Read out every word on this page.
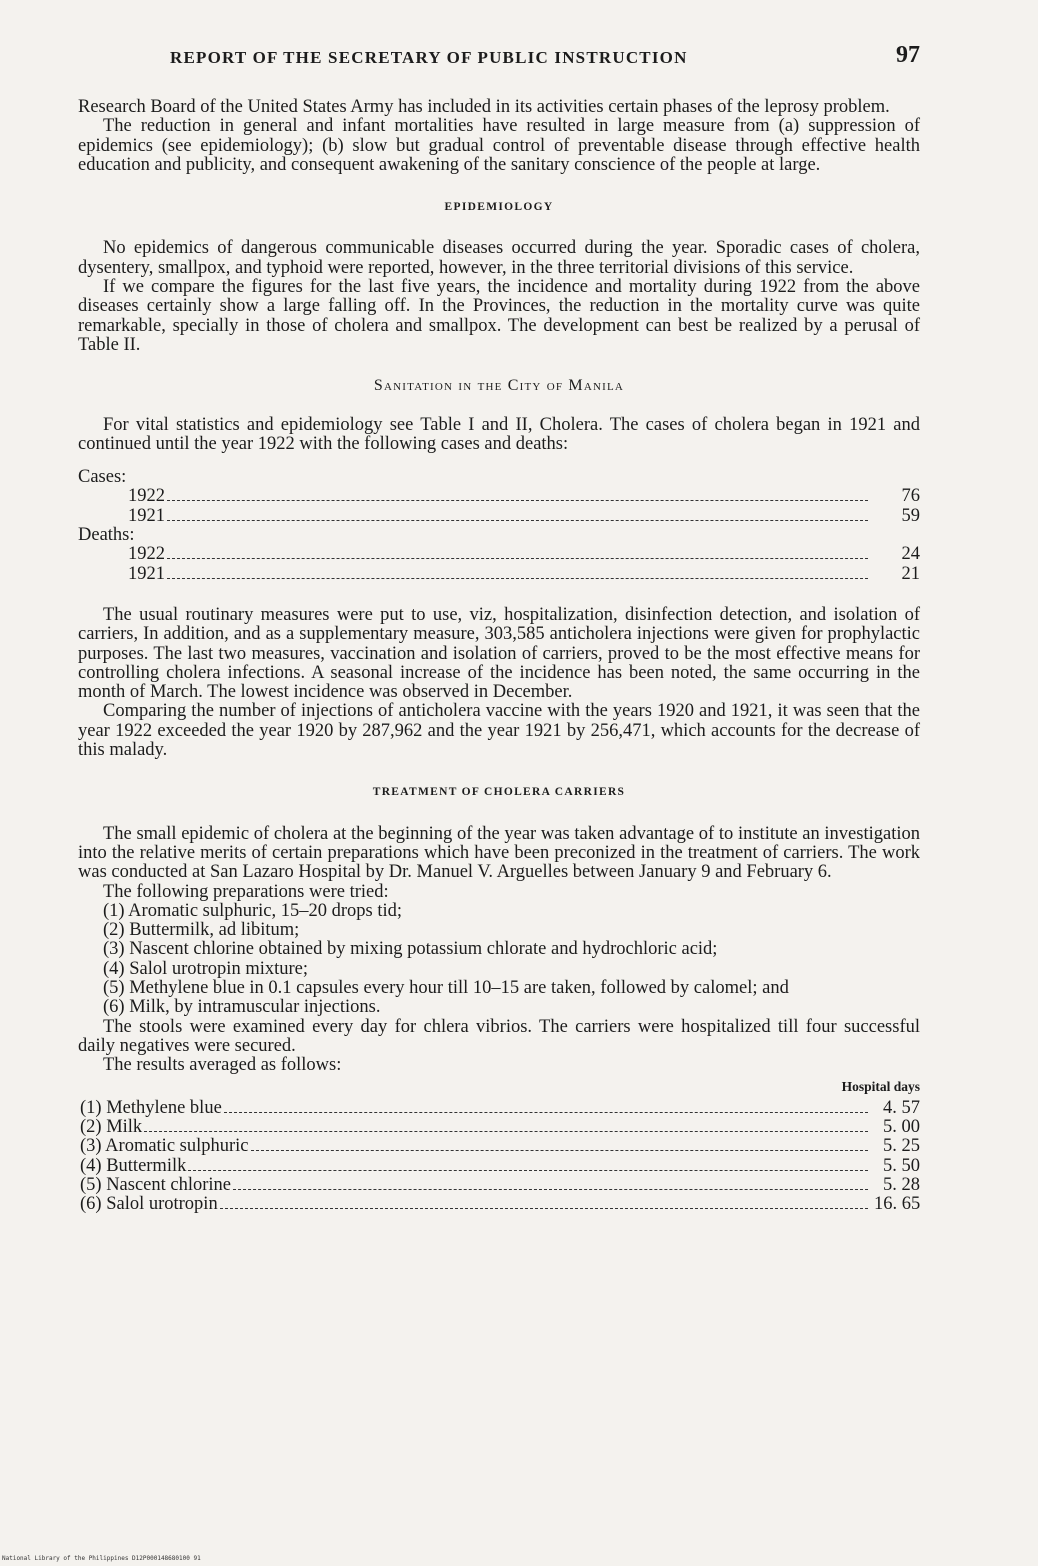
REPORT OF THE SECRETARY OF PUBLIC INSTRUCTION	97

Research Board of the United States Army has included in its activities certain phases of the leprosy problem.

The reduction in general and infant mortalities have resulted in large measure from (a) suppression of epidemics (see epidemiology); (b) slow but gradual control of preventable disease through effective health education and publicity, and consequent awakening of the sanitary conscience of the people at large.

EPIDEMIOLOGY

No epidemics of dangerous communicable diseases occurred during the year. Sporadic cases of cholera, dysentery, smallpox, and typhoid were reported, however, in the three territorial divisions of this service.

If we compare the figures for the last five years, the incidence and mortality during 1922 from the above diseases certainly show a large falling off. In the Provinces, the reduction in the mortality curve was quite remarkable, specially in those of cholera and smallpox. The development can best be realized by a perusal of Table II.

Sanitation in the City of Manila

For vital statistics and epidemiology see Table I and II, Cholera. The cases of cholera began in 1921 and continued until the year 1922 with the following cases and deaths:

Cases:
1922	76
1921	59
Deaths:
1922	24
1921	21

The usual routinary measures were put to use, viz, hospitalization, disinfection detection, and isolation of carriers, In addition, and as a supplementary measure, 303,585 anticholera injections were given for prophylactic purposes. The last two measures, vaccination and isolation of carriers, proved to be the most effective means for controlling cholera infections. A seasonal increase of the incidence has been noted, the same occurring in the month of March. The lowest incidence was observed in December.

Comparing the number of injections of anticholera vaccine with the years 1920 and 1921, it was seen that the year 1922 exceeded the year 1920 by 287,962 and the year 1921 by 256,471, which accounts for the decrease of this malady.

TREATMENT OF CHOLERA CARRIERS

The small epidemic of cholera at the beginning of the year was taken advantage of to institute an investigation into the relative merits of certain preparations which have been preconized in the treatment of carriers. The work was conducted at San Lazaro Hospital by Dr. Manuel V. Arguelles between January 9 and February 6.

The following preparations were tried:

(1) Aromatic sulphuric, 15–20 drops tid;

(2) Buttermilk, ad libitum;

(3) Nascent chlorine obtained by mixing potassium chlorate and hydrochloric acid;

(4) Salol urotropin mixture;

(5) Methylene blue in 0.1 capsules every hour till 10–15 are taken, followed by calomel; and

(6) Milk, by intramuscular injections.

The stools were examined every day for chlera vibrios. The carriers were hospitalized till four successful daily negatives were secured.

The results averaged as follows:

Hospital days
(1) Methylene blue	4. 57
(2) Milk	5. 00
(3) Aromatic sulphuric	5. 25
(4) Buttermilk	5. 50
(5) Nascent chlorine	5. 28
(6) Salol urotropin	16. 65
National Library of the Philippines D12P000148680100 91
